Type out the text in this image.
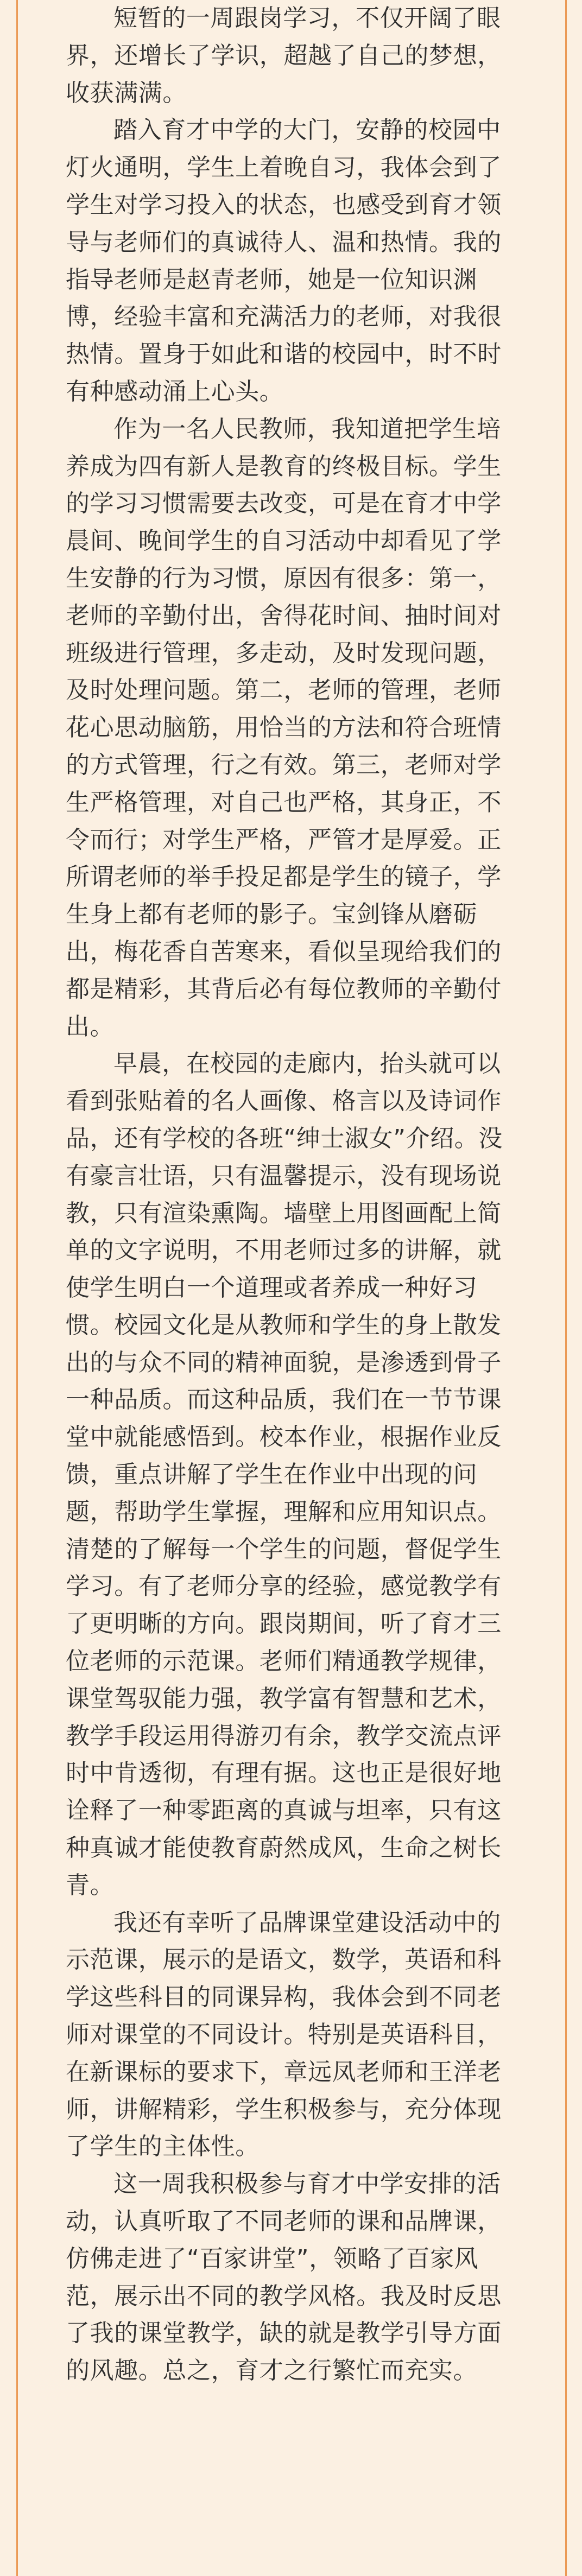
短暂的一周跟岗学习，不仅开阔了眼
界，还增长了学识，超越了自己的梦想，
收获满满。

踏入育才中学的大门，安静的校园中
灯火通明，学生上着晚自习，我体会到了
学生对学习投入的状态，也感受到育才领
导与老师们的真诚待人、温和热情。我的
指导老师是赵青老师，她是一位知识渊
博，经验丰富和充满活力的老师，对我很
热情。置身于如此和谐的校园中，时不时
有种感动涌上心头。

作为一名人民教师，我知道把学生培
养成为四有新人是教育的终极目标。学生
的学习习惯需要去改变，可是在育才中学
晨间、晚间学生的自习活动中却看见了学
生安静的行为习惯，原因有很多：第一，
老师的辛勤付出，舍得花时间、抽时间对
班级进行管理，多走动，及时发现问题，
及时处理问题。第二，老师的管理，老师
花心思动脑筋，用恰当的方法和符合班情
的方式管理，行之有效。第三，老师对学
生严格管理，对自己也严格，其身正，不
令而行；对学生严格，严管才是厚爱。正
所谓老师的举手投足都是学生的镜子，学
生身上都有老师的影子。宝剑锋从磨砺
出，梅花香自苦寒来，看似呈现给我们的
都是精彩，其背后必有每位教师的辛勤付
出。

早晨，在校园的走廊内，抬头就可以
看到张贴着的名人画像、格言以及诗词作
品，还有学校的各班“绅士淑女”介绍。没
有豪言壮语，只有温馨提示，没有现场说
教，只有渲染熏陶。墙壁上用图画配上简
单的文字说明，不用老师过多的讲解，就
使学生明白一个道理或者养成一种好习
惯。校园文化是从教师和学生的身上散发
出的与众不同的精神面貌，是渗透到骨子
一种品质。而这种品质，我们在一节节课
堂中就能感悟到。校本作业，根据作业反
馈，重点讲解了学生在作业中出现的问
题，帮助学生掌握，理解和应用知识点。
清楚的了解每一个学生的问题，督促学生
学习。有了老师分享的经验，感觉教学有
了更明晰的方向。跟岗期间，听了育才三
位老师的示范课。老师们精通教学规律，
课堂驾驭能力强，教学富有智慧和艺术，
教学手段运用得游刃有余，教学交流点评
时中肯透彻，有理有据。这也正是很好地
诠释了一种零距离的真诚与坦率，只有这
种真诚才能使教育蔚然成风，生命之树长
青。

我还有幸听了品牌课堂建设活动中的
示范课，展示的是语文，数学，英语和科
学这些科目的同课异构，我体会到不同老
师对课堂的不同设计。特别是英语科目，
在新课标的要求下，章远凤老师和王洋老
师，讲解精彩，学生积极参与，充分体现
了学生的主体性。

这一周我积极参与育才中学安排的活
动，认真听取了不同老师的课和品牌课，
仿佛走进了“百家讲堂”，领略了百家风
范，展示出不同的教学风格。我及时反思
了我的课堂教学，缺的就是教学引导方面
的风趣。总之，育才之行繁忙而充实。
